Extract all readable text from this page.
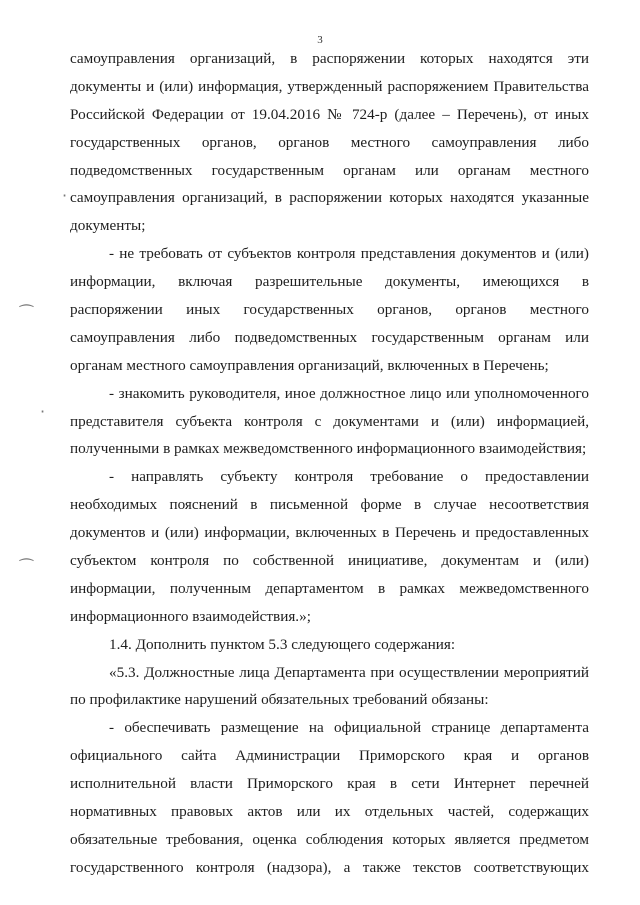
3
·
⁀
·
⁀
самоуправления организаций, в распоряжении которых находятся эти
документы и (или) информация, утвержденный распоряжением Правительства
Российской Федерации от 19.04.2016 № 724-р (далее – Перечень), от иных
государственных органов, органов местного самоуправления либо
подведомственных государственным органам или органам местного
самоуправления организаций, в распоряжении которых находятся указанные
документы;
- не требовать от субъектов контроля представления документов и (или)
информации, включая разрешительные документы, имеющихся в
распоряжении иных государственных органов, органов местного
самоуправления либо подведомственных государственным органам или
органам местного самоуправления организаций, включенных в Перечень;
- знакомить руководителя, иное должностное лицо или уполномоченного
представителя субъекта контроля с документами и (или) информацией,
полученными в рамках межведомственного информационного взаимодействия;
- направлять субъекту контроля требование о предоставлении
необходимых пояснений в письменной форме в случае несоответствия
документов и (или) информации, включенных в Перечень и предоставленных
субъектом контроля по собственной инициативе, документам и (или)
информации, полученным департаментом в рамках межведомственного
информационного взаимодействия.»;
1.4. Дополнить пунктом 5.3 следующего содержания:
«5.3. Должностные лица Департамента при осуществлении мероприятий
по профилактике нарушений обязательных требований обязаны:
- обеспечивать размещение на официальной странице департамента
официального сайта Администрации Приморского края и органов
исполнительной власти Приморского края в сети Интернет перечней
нормативных правовых актов или их отдельных частей, содержащих
обязательные требования, оценка соблюдения которых является предметом
государственного контроля (надзора), а также текстов соответствующих
